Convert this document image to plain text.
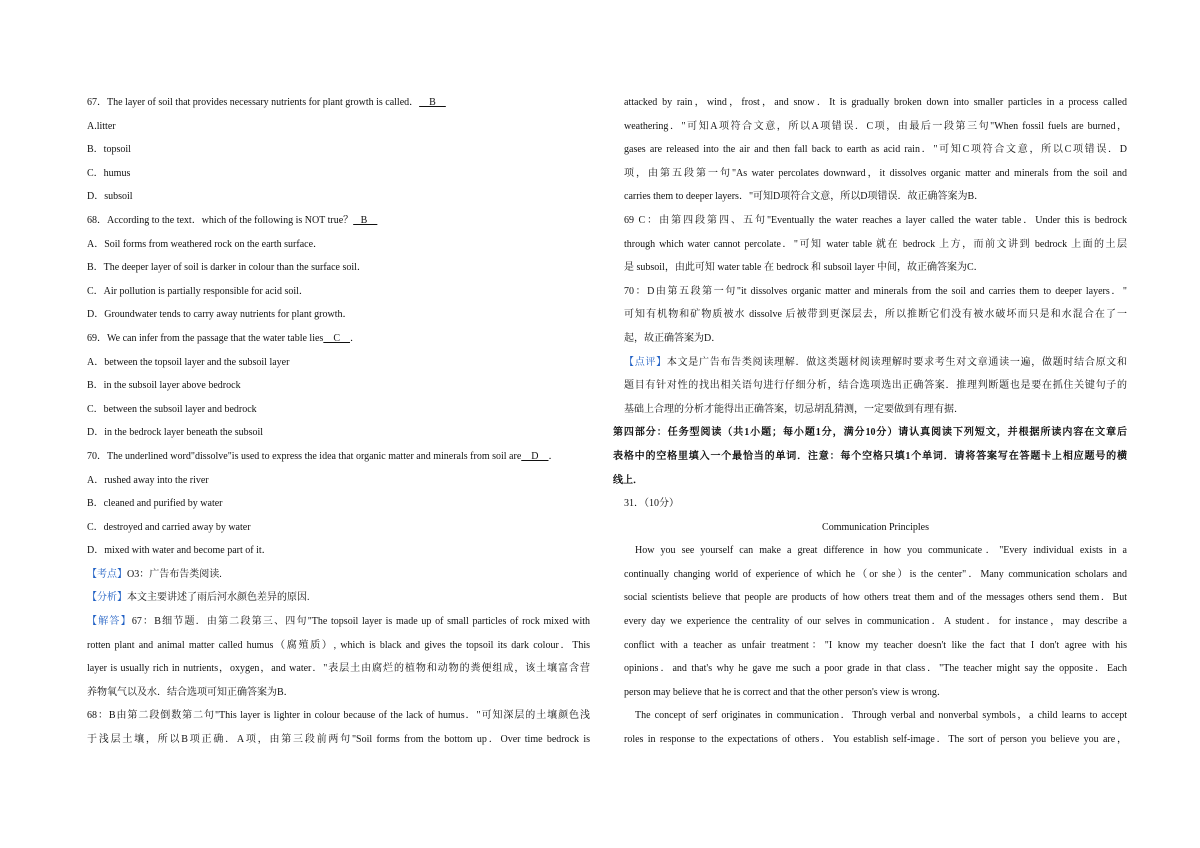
67．The layer of soil that provides necessary nutrients for plant growth is called．    B
A.litter
B．topsoil
C．humus
D．subsoil
68．According to the text．which of the following is NOT true？   B
A．Soil forms from weathered rock on the earth surface．
B．The deeper layer of soil is darker in colour than the surface soil．
C．Air pollution is partially responsible for acid soil．
D．Groundwater tends to carry away nutrients for plant growth．
69．We can infer from the passage that the water table lies    C    ．
A．between the topsoil layer and the subsoil layer
B．in the subsoil layer above bedrock
C．between the subsoil layer and bedrock
D．in the bedrock layer beneath the subsoil
70．The underlined word"dissolve"is used to express the idea that organic matter and minerals from soil are    D    ．
A．rushed away into the river
B．cleaned and purified by water
C．destroyed and carried away by water
D．mixed with water and become part of it．
【考点】O3：广告布告类阅读.
【分析】本文主要讲述了雨后河水颜色差异的原因.
【解答】67：B细节题．由第二段第三、四句"The topsoil layer is made up of small particles of rock mixed with
rotten plant and animal matter called humus（腐殖质）, which is black and gives the topsoil its dark colour．This
layer is usually rich in nutrients，oxygen，and water．"表层土由腐烂的植物和动物的粪便组成，该土壤富含营
养物氧气以及水．结合选项可知正确答案为B．
68：B由第二段倒数第二句"This layer is lighter in colour because of the lack of humus．"可知深层的土壤颜色浅
于浅层土壤，所以B项正确．A项，由第三段前两句"Soil forms from the bottom up．Over time bedrock is
attacked by rain，wind，frost，and snow．It is gradually broken down into smaller particles in a process called
weathering．"可知A项符合文意，所以A项错误．C项，由最后一段第三句"When fossil fuels are burned，
gases are released into the air and then fall back to earth as acid rain．"可知C项符合文意，所以C项错误．D
项，由第五段第一句"As water percolates downward，it dissolves organic matter and minerals from the soil and
carries them to deeper layers．"可知D项符合文意，所以D项错误．故正确答案为B．
69 C：由第四段第四、五句"Eventually the water reaches a layer called the water table．Under this is bedrock
through which water cannot percolate．"可知 water table 就在 bedrock 上方，而前文讲到 bedrock 上面的土层
是 subsoil，由此可知 water table 在 bedrock 和 subsoil layer 中间，故正确答案为C．
70：D由第五段第一句"it dissolves organic matter and minerals from the soil and carries them to deeper layers．"
可知有机物和矿物质被水 dissolve 后被带到更深层去，所以推断它们没有被水破坏而只是和水混合在了一
起，故正确答案为D．
【点评】本文是广告布告类阅读理解．做这类题材阅读理解时要求考生对文章通读一遍，做题时结合原文和
题目有针对性的找出相关语句进行仔细分析，结合选项选出正确答案．推理判断题也是要在抓住关键句子的
基础上合理的分析才能得出正确答案，切忌胡乱猜测，一定要做到有理有据．
第四部分：任务型阅读（共1小题；每小题1分，满分10分）请认真阅读下列短文，并根据所读内容在文章后
表格中的空格里填入一个最恰当的单词．注意：每个空格只填1个单词．请将答案写在答题卡上相应题号的横
线上．
31．（10分）
Communication Principles
How you see yourself can make a great difference in how you communicate．"Every individual exists in a
continually changing world of experience of which he（or she）is the center"．Many communication scholars and
social scientists believe that people are products of how others treat them and of the messages others send them．But
every day we experience the centrality of our selves in communication．A student．for instance，may describe a
conflict with a teacher as unfair treatment："I know my teacher doesn't like the fact that I don't agree with his
opinions．and that's why he gave me such a poor grade in that class．"The teacher might say the opposite．Each
person may believe that he is correct and that the other person's view is wrong．
The concept of serf originates in communication．Through verbal and nonverbal symbols，a child learns to accept
roles in response to the expectations of others．You establish self‐image．The sort of person you believe you are，
